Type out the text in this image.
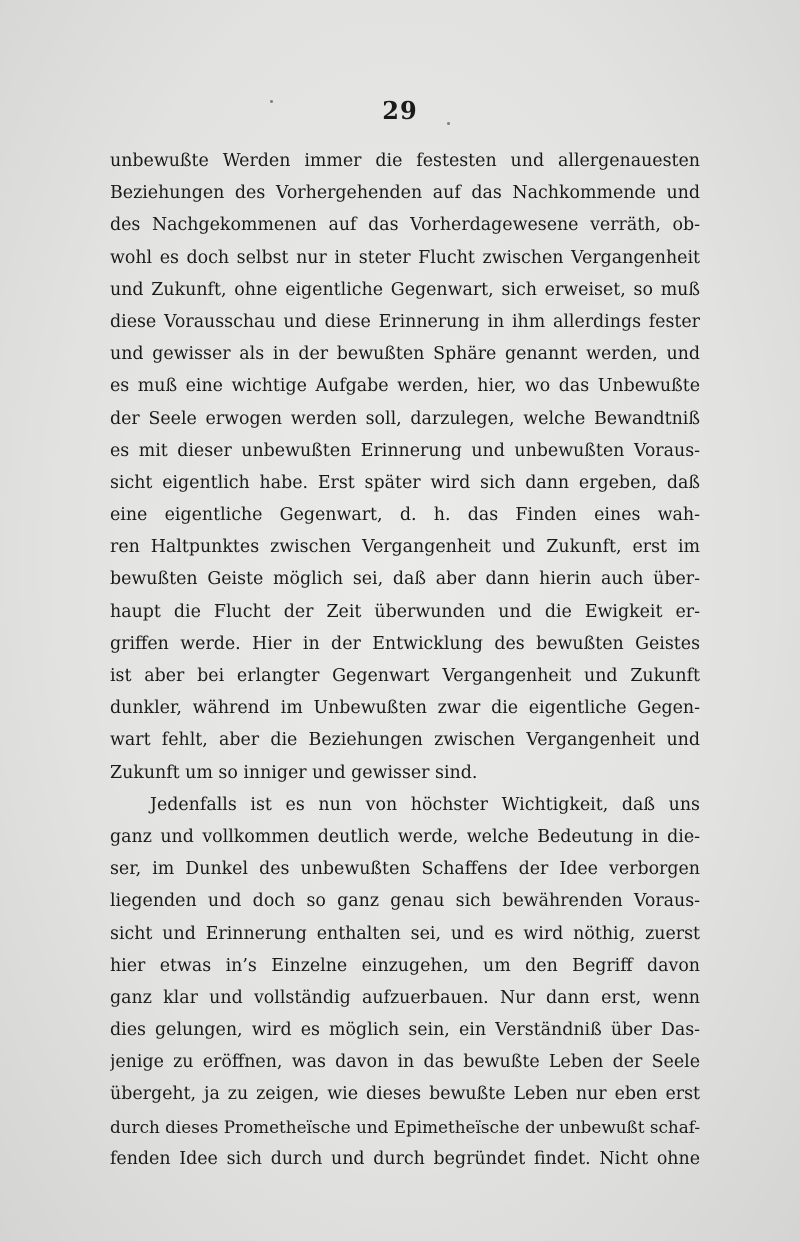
29
unbewußte Werden immer die festesten und allergenauesten
Beziehungen des Vorhergehenden auf das Nachkommende und
des Nachgekommenen auf das Vorherdagewesene verräth, ob-
wohl es doch selbst nur in steter Flucht zwischen Vergangenheit
und Zukunft, ohne eigentliche Gegenwart, sich erweiset, so muß
diese Vorausschau und diese Erinnerung in ihm allerdings fester
und gewisser als in der bewußten Sphäre genannt werden, und
es muß eine wichtige Aufgabe werden, hier, wo das Unbewußte
der Seele erwogen werden soll, darzulegen, welche Bewandtniß
es mit dieser unbewußten Erinnerung und unbewußten Voraus-
sicht eigentlich habe. Erst später wird sich dann ergeben, daß
eine eigentliche Gegenwart, d. h. das Finden eines wah-
ren Haltpunktes zwischen Vergangenheit und Zukunft, erst im
bewußten Geiste möglich sei, daß aber dann hierin auch über-
haupt die Flucht der Zeit überwunden und die Ewigkeit er-
griffen werde. Hier in der Entwicklung des bewußten Geistes
ist aber bei erlangter Gegenwart Vergangenheit und Zukunft
dunkler, während im Unbewußten zwar die eigentliche Gegen-
wart fehlt, aber die Beziehungen zwischen Vergangenheit und
Zukunft um so inniger und gewisser sind.
Jedenfalls ist es nun von höchster Wichtigkeit, daß uns
ganz und vollkommen deutlich werde, welche Bedeutung in die-
ser, im Dunkel des unbewußten Schaffens der Idee verborgen
liegenden und doch so ganz genau sich bewährenden Voraus-
sicht und Erinnerung enthalten sei, und es wird nöthig, zuerst
hier etwas in’s Einzelne einzugehen, um den Begriff davon
ganz klar und vollständig aufzuerbauen. Nur dann erst, wenn
dies gelungen, wird es möglich sein, ein Verständniß über Das-
jenige zu eröffnen, was davon in das bewußte Leben der Seele
übergeht, ja zu zeigen, wie dieses bewußte Leben nur eben erst
durch dieses Prometheïsche und Epimetheïsche der unbewußt schaf-
fenden Idee sich durch und durch begründet findet. Nicht ohne
